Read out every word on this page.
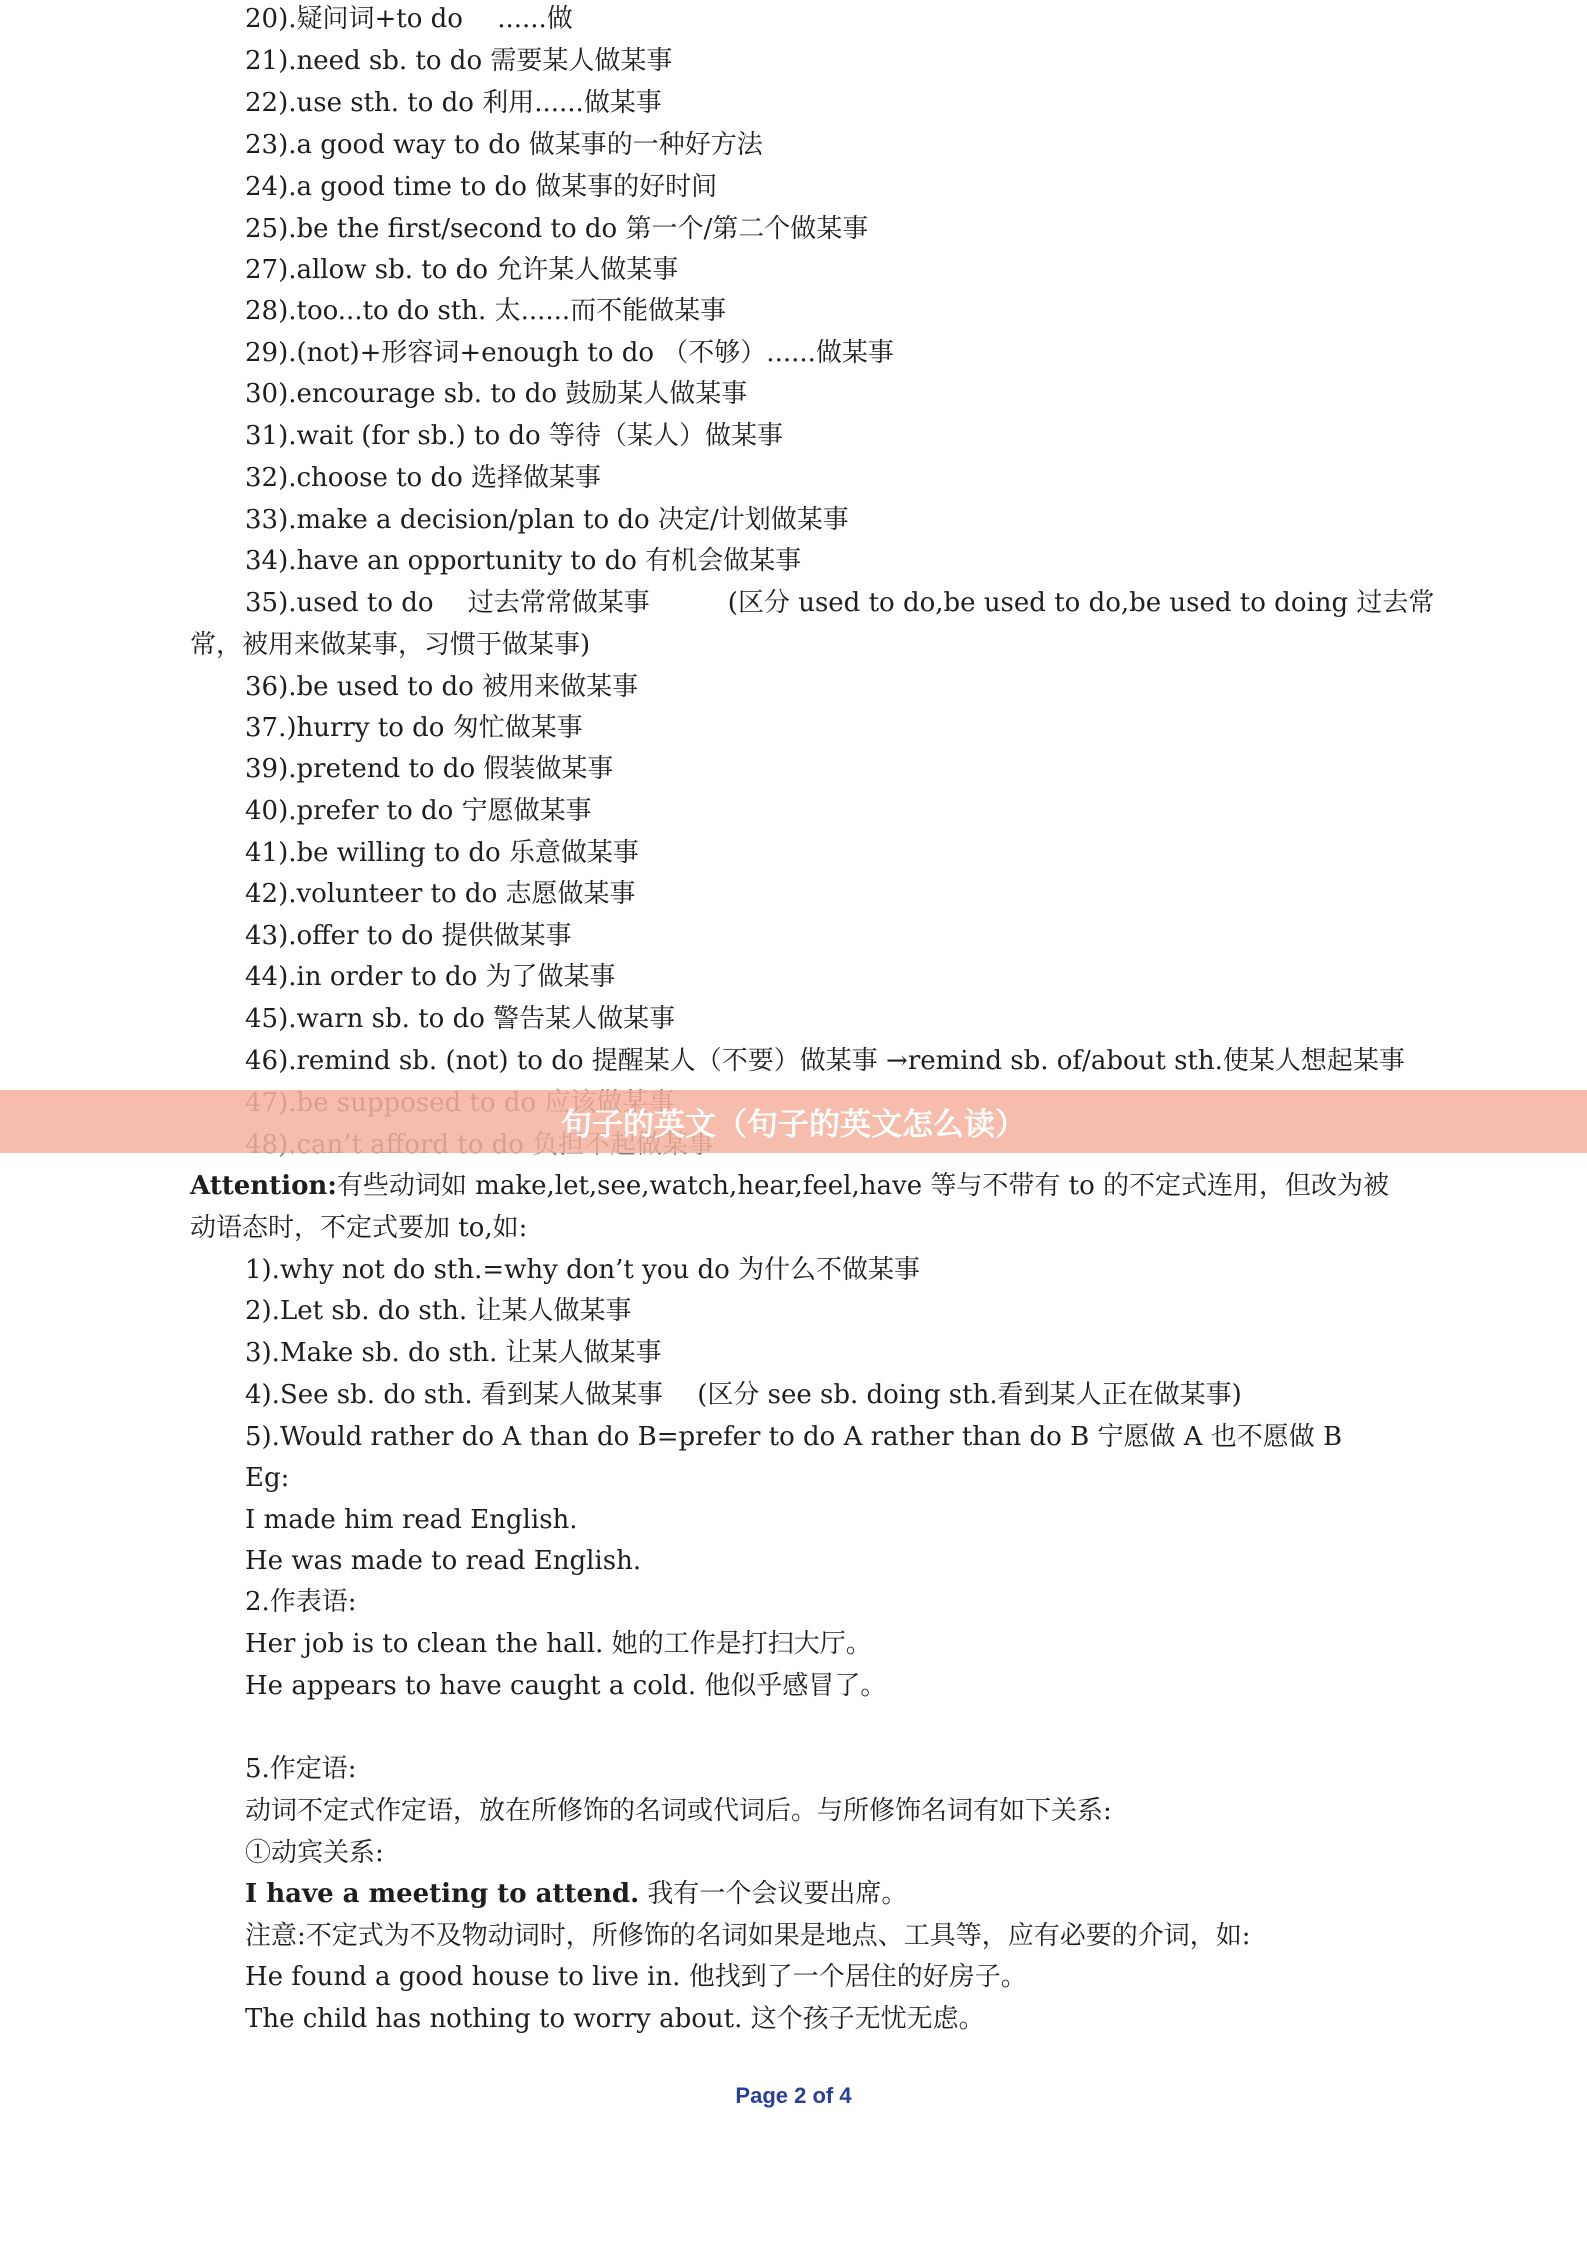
20).疑问词+to do　 ......做
21).need sb. to do 需要某人做某事
22).use sth. to do 利用......做某事
23).a good way to do 做某事的一种好方法
24).a good time to do 做某事的好时间
25).be the first/second to do 第一个/第二个做某事
27).allow sb. to do 允许某人做某事
28).too...to do sth. 太......而不能做某事
29).(not)+形容词+enough to do （不够）......做某事
30).encourage sb. to do 鼓励某人做某事
31).wait (for sb.) to do 等待（某人）做某事
32).choose to do 选择做某事
33).make a decision/plan to do 决定/计划做某事
34).have an opportunity to do 有机会做某事
35).used to do　 过去常常做某事　　　(区分 used to do,be used to do,be used to doing 过去常
常，被用来做某事，习惯于做某事)
36).be used to do 被用来做某事
37.)hurry to do 匆忙做某事
39).pretend to do 假装做某事
40).prefer to do 宁愿做某事
41).be willing to do 乐意做某事
42).volunteer to do 志愿做某事
43).offer to do 提供做某事
44).in order to do 为了做某事
45).warn sb. to do 警告某人做某事
46).remind sb. (not) to do 提醒某人（不要）做某事 →remind sb. of/about sth.使某人想起某事
Attention:有些动词如 make,let,see,watch,hear,feel,have 等与不带有 to 的不定式连用，但改为被
动语态时，不定式要加 to,如:
1).why not do sth.=why don’t you do 为什么不做某事
2).Let sb. do sth. 让某人做某事
3).Make sb. do sth. 让某人做某事
4).See sb. do sth. 看到某人做某事　 (区分 see sb. doing sth.看到某人正在做某事)
5).Would rather do A than do B=prefer to do A rather than do B 宁愿做 A 也不愿做 B
Eg:
I made him read English.
He was made to read English.
2.作表语:
Her job is to clean the hall. 她的工作是打扫大厅。
He appears to have caught a cold. 他似乎感冒了。
5.作定语:
动词不定式作定语，放在所修饰的名词或代词后。与所修饰名词有如下关系:
①动宾关系:
I have a meeting to attend. 我有一个会议要出席。
注意:不定式为不及物动词时，所修饰的名词如果是地点、工具等，应有必要的介词，如:
He found a good house to live in. 他找到了一个居住的好房子。
The child has nothing to worry about. 这个孩子无忧无虑。
Page 2 of 4
句子的英文（句子的英文怎么读）
